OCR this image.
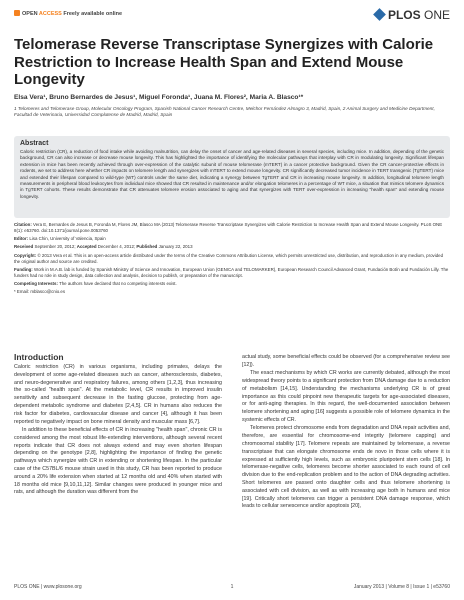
OPEN ACCESS Freely available online	PLOS ONE
Telomerase Reverse Transcriptase Synergizes with Calorie Restriction to Increase Health Span and Extend Mouse Longevity
Elsa Vera¹, Bruno Bernardes de Jesus¹, Miguel Foronda¹, Juana M. Flores², Maria A. Blasco¹*
1 Telomeres and Telomerase Group, Molecular Oncology Program, Spanish National Cancer Research Centre, Melchor Fernández Almagro 3, Madrid, Spain, 2 Animal Surgery and Medicine Department, Facultad de Veterinaria, Universidad Complutense de Madrid, Madrid, Spain
Abstract
Caloric restriction (CR), a reduction of food intake while avoiding malnutrition, can delay the onset of cancer and age-related diseases in several species, including mice. In addition, depending of the genetic background, CR can also increase or decrease mouse longevity. This has highlighted the importance of identifying the molecular pathways that interplay with CR in modulating longevity. Significant lifespan extension in mice has been recently achieved through over-expression of the catalytic subunit of mouse telomerase (mTERT) in a cancer protective background. Given the CR cancer-protective effects in rodents, we set to address here whether CR impacts on telomere length and synergizes with mTERT to extend mouse longevity. CR significantly decreased tumor incidence in TERT transgenic (TgTERT) mice and extended their lifespan compared to wild-type (WT) controls under the same diet, indicating a synergy between TgTERT and CR in increasing mouse longevity. In addition, longitudinal telomere length measurements in peripheral blood leukocytes from individual mice showed that CR resulted in maintenance and/or elongation telomeres in a percentage of WT mice, a situation that mimics telomere dynamics in TgTERT cohorts. These results demonstrate that CR attenuates telomere erosion associated to aging and that synergizes with TERT over-expression in increasing "health span" and extending mouse longevity.

Citation: Vera E, Bernardes de Jesus B, Foronda M, Flores JM, Blasco MA (2013) Telomerase Reverse Transcriptase Synergizes with Calorie Restriction to Increase Health Span and Extend Mouse Longevity. PLoS ONE 8(1): e53760. doi:10.1371/journal.pone.0053760

Editor: Lisa Chin, University of Valencia, Spain

Received September 20, 2012; Accepted December 4, 2012; Published January 22, 2013

Copyright: © 2013 Vera et al. This is an open-access article distributed under the terms of the Creative Commons Attribution License, which permits unrestricted use, distribution, and reproduction in any medium, provided the original author and source are credited.

Funding: Work in M.A.B. lab is funded by Spanish Ministry of Science and Innovation, European Union (GENICA and TELOMARKER), European Research Council Advanced Grant, Fundación Botín and Fundación Lilly. The funders had no role in study design, data collection and analysis, decision to publish, or preparation of the manuscript.

Competing Interests: The authors have declared that no competing interests exist.

* Email: mblasco@cnio.es

Introduction

Caloric restriction (CR) in various organisms, including primates, delays the development of some age-related diseases such as cancer, atherosclerosis, diabetes, and neuro-degenerative and respiratory failures, among others [1,2,3], thus increasing the so-called "health span". At the metabolic level, CR results in improved insulin sensitivity and subsequent decrease in the fasting glucose, protecting from age-dependent metabolic syndrome and diabetes [2,4,5]. CR in humans also reduces the risk factor for diabetes, cardiovascular disease and cancer [4], although it has been reported to negatively impact on bone mineral density and muscular mass [6,7].

In addition to these beneficial effects of CR in increasing "health span", chronic CR is considered among the most robust life-extending interventions, although several recent reports indicate that CR does not always extend and may even shorten lifespan depending on the genotype [2,8], highlighting the importance of finding the genetic pathways which synergize with CR in extending or shortening lifespan. In the particular case of the C57BL/6 mouse strain used in this study, CR has been reported to produce around a 20% life extension when started at 12 months old and 40% when started with 18 months old mice [9,10,11,12]. Similar changes were produced in younger mice and rats, and although the duration was different from the

actual study, some beneficial effects could be observed (for a comprehensive review see [12]).

The exact mechanisms by which CR works are currently debated, although the most widespread theory points to a significant protection from DNA damage due to a reduction of metabolism [14,15]. Understanding the mechanisms underlying CR is of great importance as this could pinpoint new therapeutic targets for age-associated diseases, or for anti-aging therapies. In this regard, the well-documented association between telomere shortening and aging [16] suggests a possible role of telomere dynamics in the systemic effects of CR.

Telomeres protect chromosome ends from degradation and DNA repair activities and, therefore, are essential for chromosome-end integrity (telomere capping) and chromosomal stability [17]. Telomere repeats are maintained by telomerase, a reverse transcriptase that can elongate chromosome ends de novo in those cells where it is expressed at sufficiently high levels, such as embryonic pluripotent stem cells [18]. In telomerase-negative cells, telomeres become shorter associated to each round of cell division due to the end-replication problem and to the action of DNA degrading activities. Short telomeres are passed onto daughter cells and thus telomere shortening is associated with cell division, as well as with increasing age both in humans and mice [19]. Critically short telomeres can trigger a persistent DNA damage response, which leads to cellular senescence and/or apoptosis [20],

PLOS ONE | www.plosone.org	1	January 2013 | Volume 8 | Issue 1 | e53760
